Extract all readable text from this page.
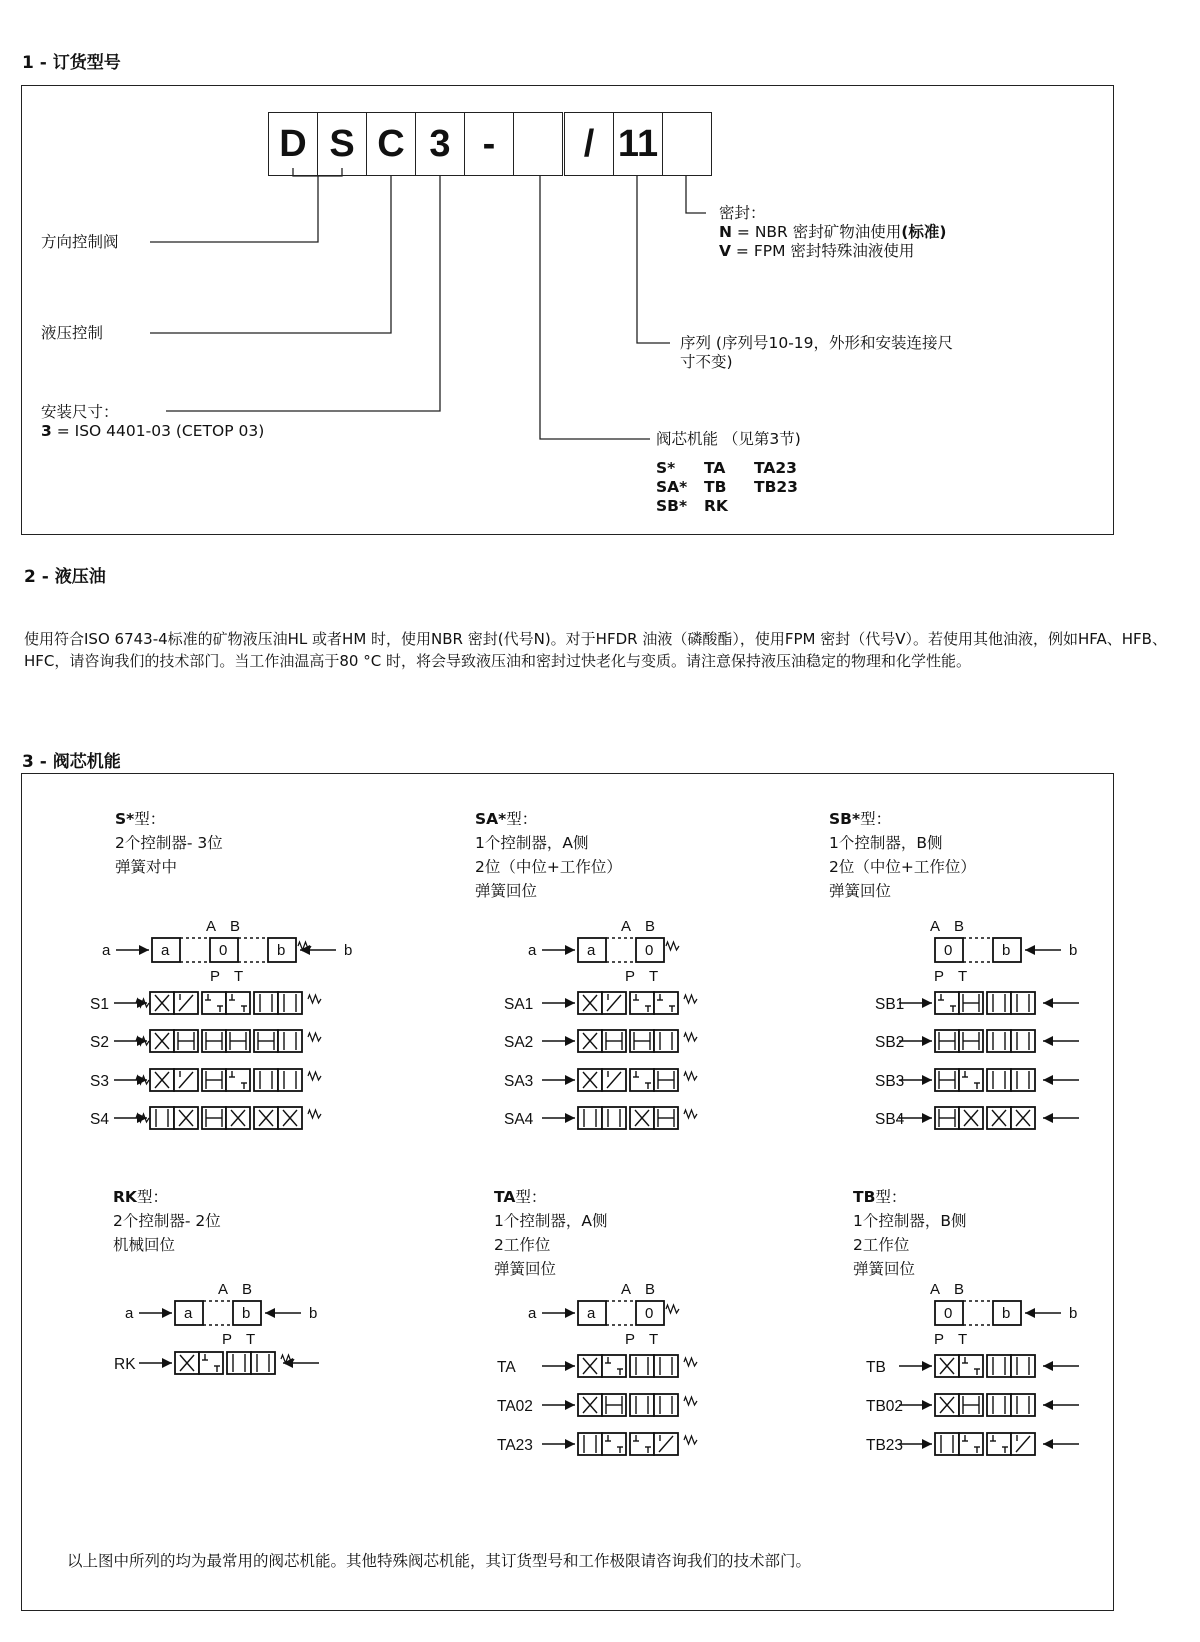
1 - 订货型号
D S C 3 -	/ 11
方向控制阀
液压控制
安装尺寸：
3 = ISO 4401-03 (CETOP 03)
密封：
N = NBR 密封矿物油使用(标准)
V = FPM 密封特殊油液使用
序列 (序列号10-19，外形和安装连接尺
寸不变)
阀芯机能 （见第3节)
S* TA TA23
SA* TB TB23
SB* RK
2 - 液压油
使用符合ISO 6743-4标准的矿物液压油HL 或者HM 时，使用NBR 密封(代号N)。对于HFDR 油液（磷酸酯），使用FPM 密封（代号V）。若使用其他油液，例如HFA、HFB、HFC，请咨询我们的技术部门。当工作油温高于80 °C 时，将会导致液压油和密封过快老化与变质。请注意保持液压油稳定的物理和化学性能。
3 - 阀芯机能
S*型：
2个控制器- 3位
弹簧对中
SA*型：
1个控制器，A侧
2位（中位+工作位）
弹簧回位
SB*型：
1个控制器，B侧
2位（中位+工作位）
弹簧回位
RK型：
2个控制器- 2位
机械回位
TA型：
1个控制器，A侧
2工作位
弹簧回位
TB型：
1个控制器，B侧
2工作位
弹簧回位
S1
S2
S3
S4
SA1
SA2
SA3
SA4
SB1
SB2
SB3
SB4
RK	TA
TA02
TA23
TB
TB02
TB23
a	a	0	b	b
A B
P T
a	a	0
A B
P T
0	b	b
A B
P T
a	a	b	b
A B
P T
a	a	0
A B
P T
0	b	b
A B
P T
以上图中所列的均为最常用的阀芯机能。其他特殊阀芯机能，其订货型号和工作极限请咨询我们的技术部门。
